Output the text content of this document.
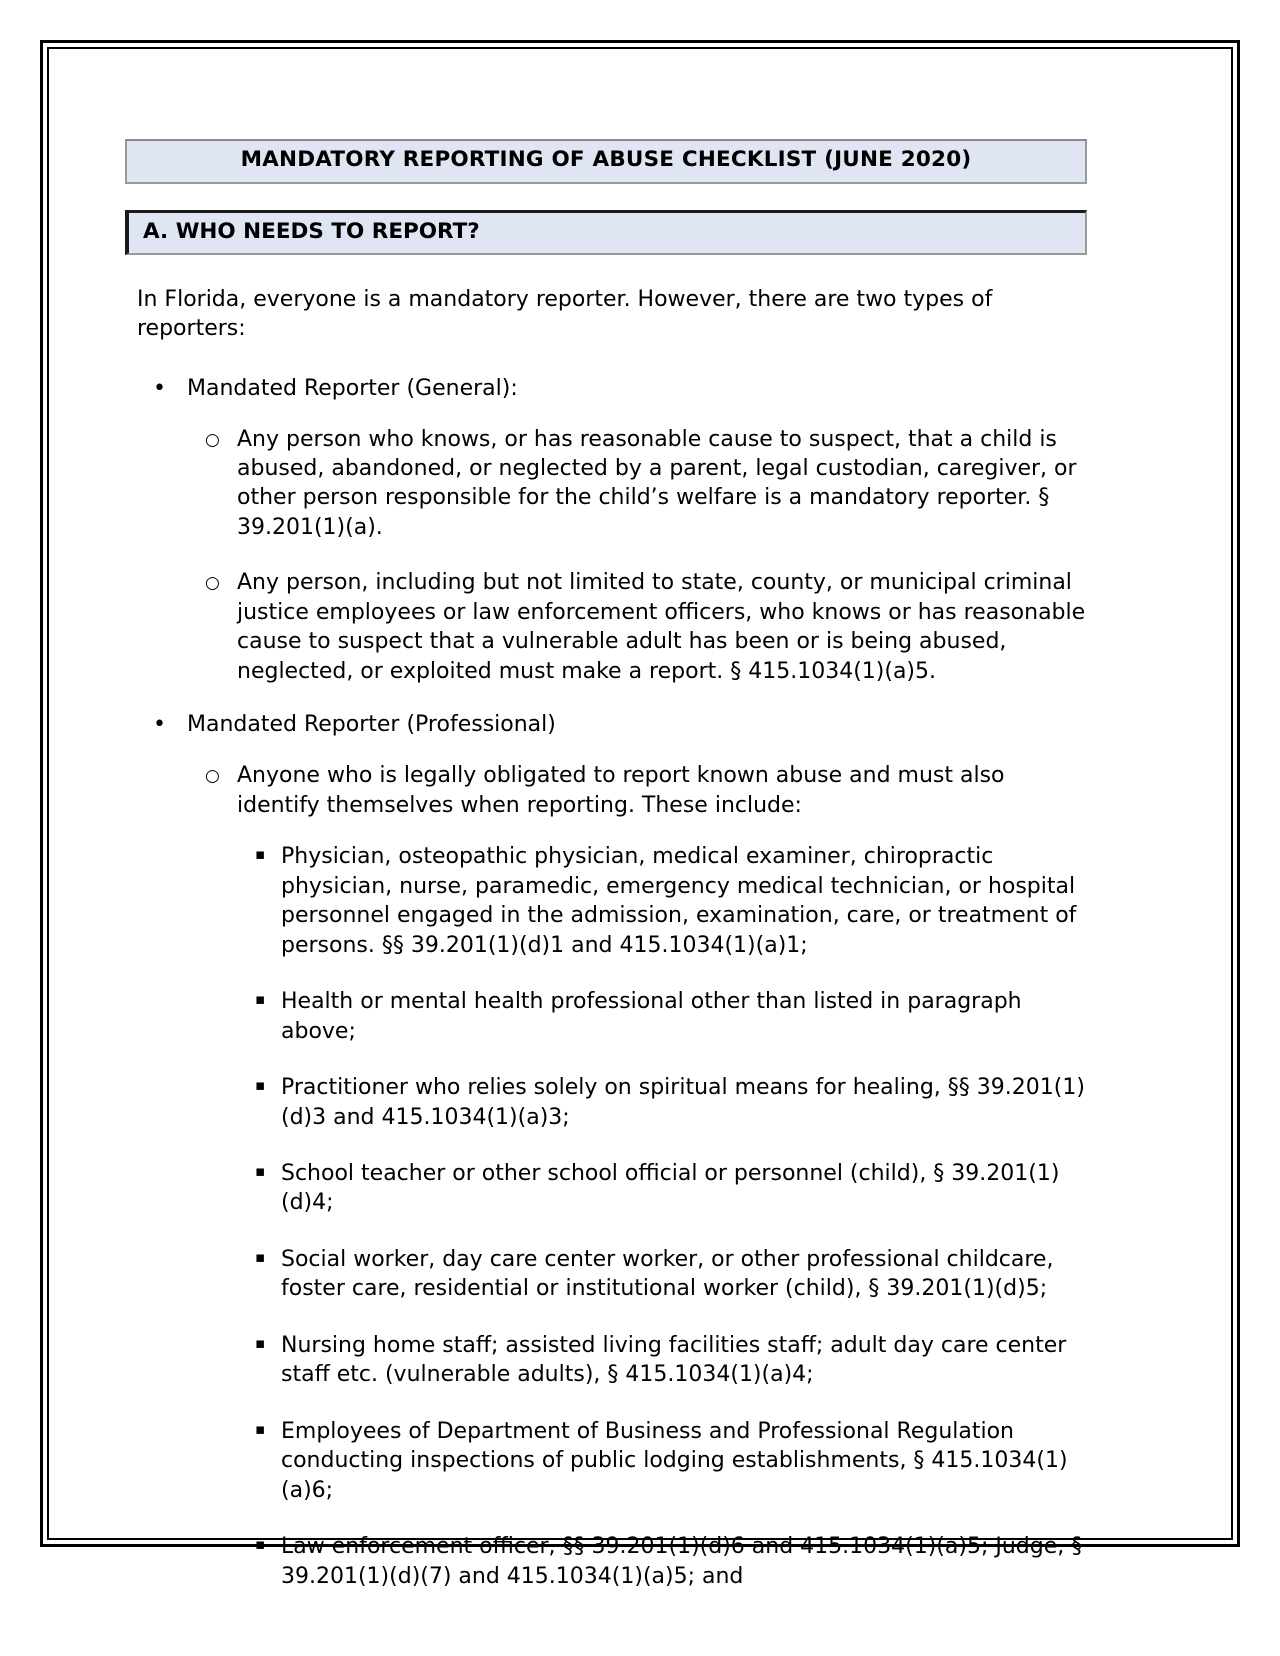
MANDATORY REPORTING OF ABUSE CHECKLIST (JUNE 2020)
A. WHO NEEDS TO REPORT?

In Florida, everyone is a mandatory reporter. However, there are two types of reporters:

• Mandated Reporter (General):
○ Any person who knows, or has reasonable cause to suspect, that a child is abused, abandoned, or neglected by a parent, legal custodian, caregiver, or other person responsible for the child’s welfare is a mandatory reporter. § 39.201(1)(a).
○ Any person, including but not limited to state, county, or municipal criminal justice employees or law enforcement officers, who knows or has reasonable cause to suspect that a vulnerable adult has been or is being abused, neglected, or exploited must make a report. § 415.1034(1)(a)5.
• Mandated Reporter (Professional)
○ Anyone who is legally obligated to report known abuse and must also identify themselves when reporting. These include:
▪ Physician, osteopathic physician, medical examiner, chiropractic physician, nurse, paramedic, emergency medical technician, or hospital personnel engaged in the admission, examination, care, or treatment of persons. §§ 39.201(1)(d)1 and 415.1034(1)(a)1;
▪ Health or mental health professional other than listed in paragraph above;
▪ Practitioner who relies solely on spiritual means for healing, §§ 39.201(1)(d)3 and 415.1034(1)(a)3;
▪ School teacher or other school official or personnel (child), § 39.201(1)(d)4;
▪ Social worker, day care center worker, or other professional childcare, foster care, residential or institutional worker (child), § 39.201(1)(d)5;
▪ Nursing home staff; assisted living facilities staff; adult day care center staff etc. (vulnerable adults), § 415.1034(1)(a)4;
▪ Employees of Department of Business and Professional Regulation conducting inspections of public lodging establishments, § 415.1034(1)(a)6;
▪ Law enforcement officer, §§ 39.201(1)(d)6 and 415.1034(1)(a)5; Judge, § 39.201(1)(d)(7) and 415.1034(1)(a)5; and
